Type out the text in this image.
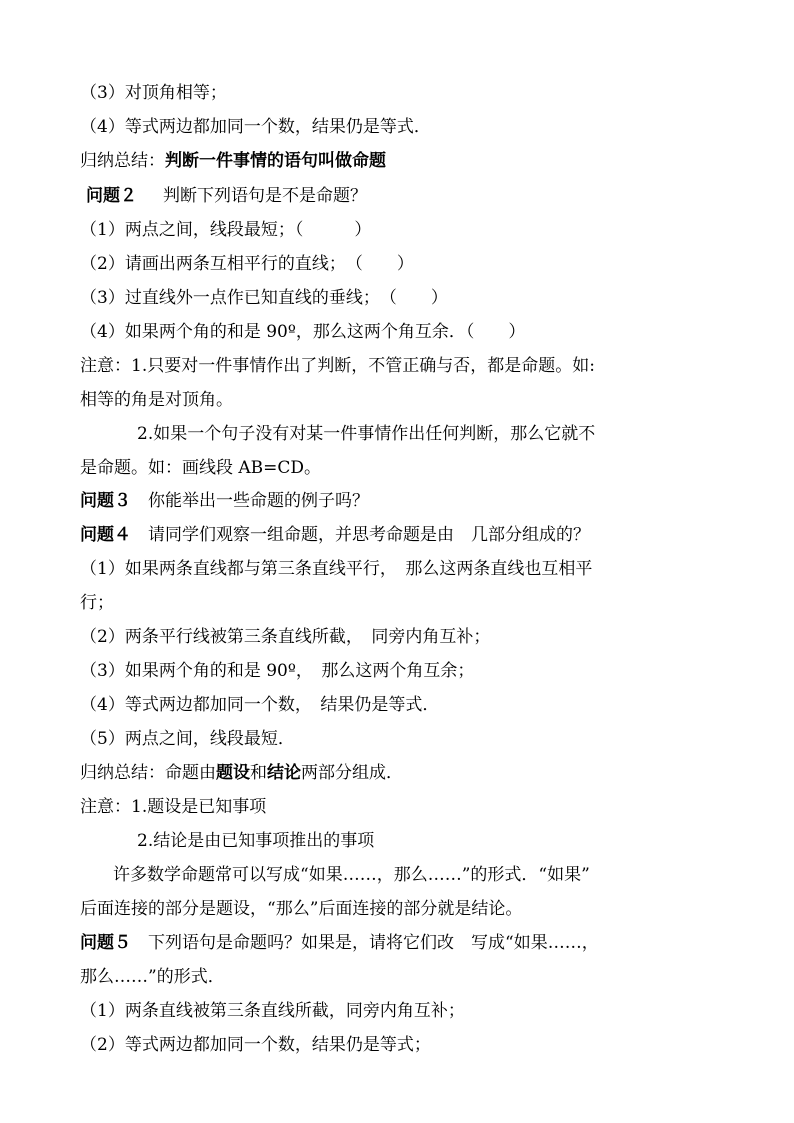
（3）对顶角相等；
（4）等式两边都加同一个数，结果仍是等式．
归纳总结：判断一件事情的语句叫做命题
问题２ 判断下列语句是不是命题？
（1）两点之间，线段最短；（　　　）
（2）请画出两条互相平行的直线；　（　　）
（3）过直线外一点作已知直线的垂线；　（　　）
（4）如果两个角的和是 90º，那么这两个角互余．（　　）
注意：1.只要对一件事情作出了判断，不管正确与否，都是命题。如:
相等的角是对顶角。
2.如果一个句子没有对某一件事情作出任何判断，那么它就不
是命题。如：画线段 AB=CD。
问题３ 你能举出一些命题的例子吗？
问题４ 请同学们观察一组命题，并思考命题是由　几部分组成的？
（1）如果两条直线都与第三条直线平行，　那么这两条直线也互相平
行；
（2）两条平行线被第三条直线所截，　同旁内角互补；
（3）如果两个角的和是 90º，　那么这两个角互余；
（4）等式两边都加同一个数，　结果仍是等式．
（5）两点之间，线段最短．
归纳总结：命题由题设和结论两部分组成．
注意：1.题设是已知事项
2.结论是由已知事项推出的事项
许多数学命题常可以写成“如果……，那么……”的形式．“如果”
后面连接的部分是题设，“那么”后面连接的部分就是结论。
问题５ 下列语句是命题吗？如果是，请将它们改　写成“如果……，
那么……”的形式．
（1）两条直线被第三条直线所截，同旁内角互补；
（2）等式两边都加同一个数，结果仍是等式；
